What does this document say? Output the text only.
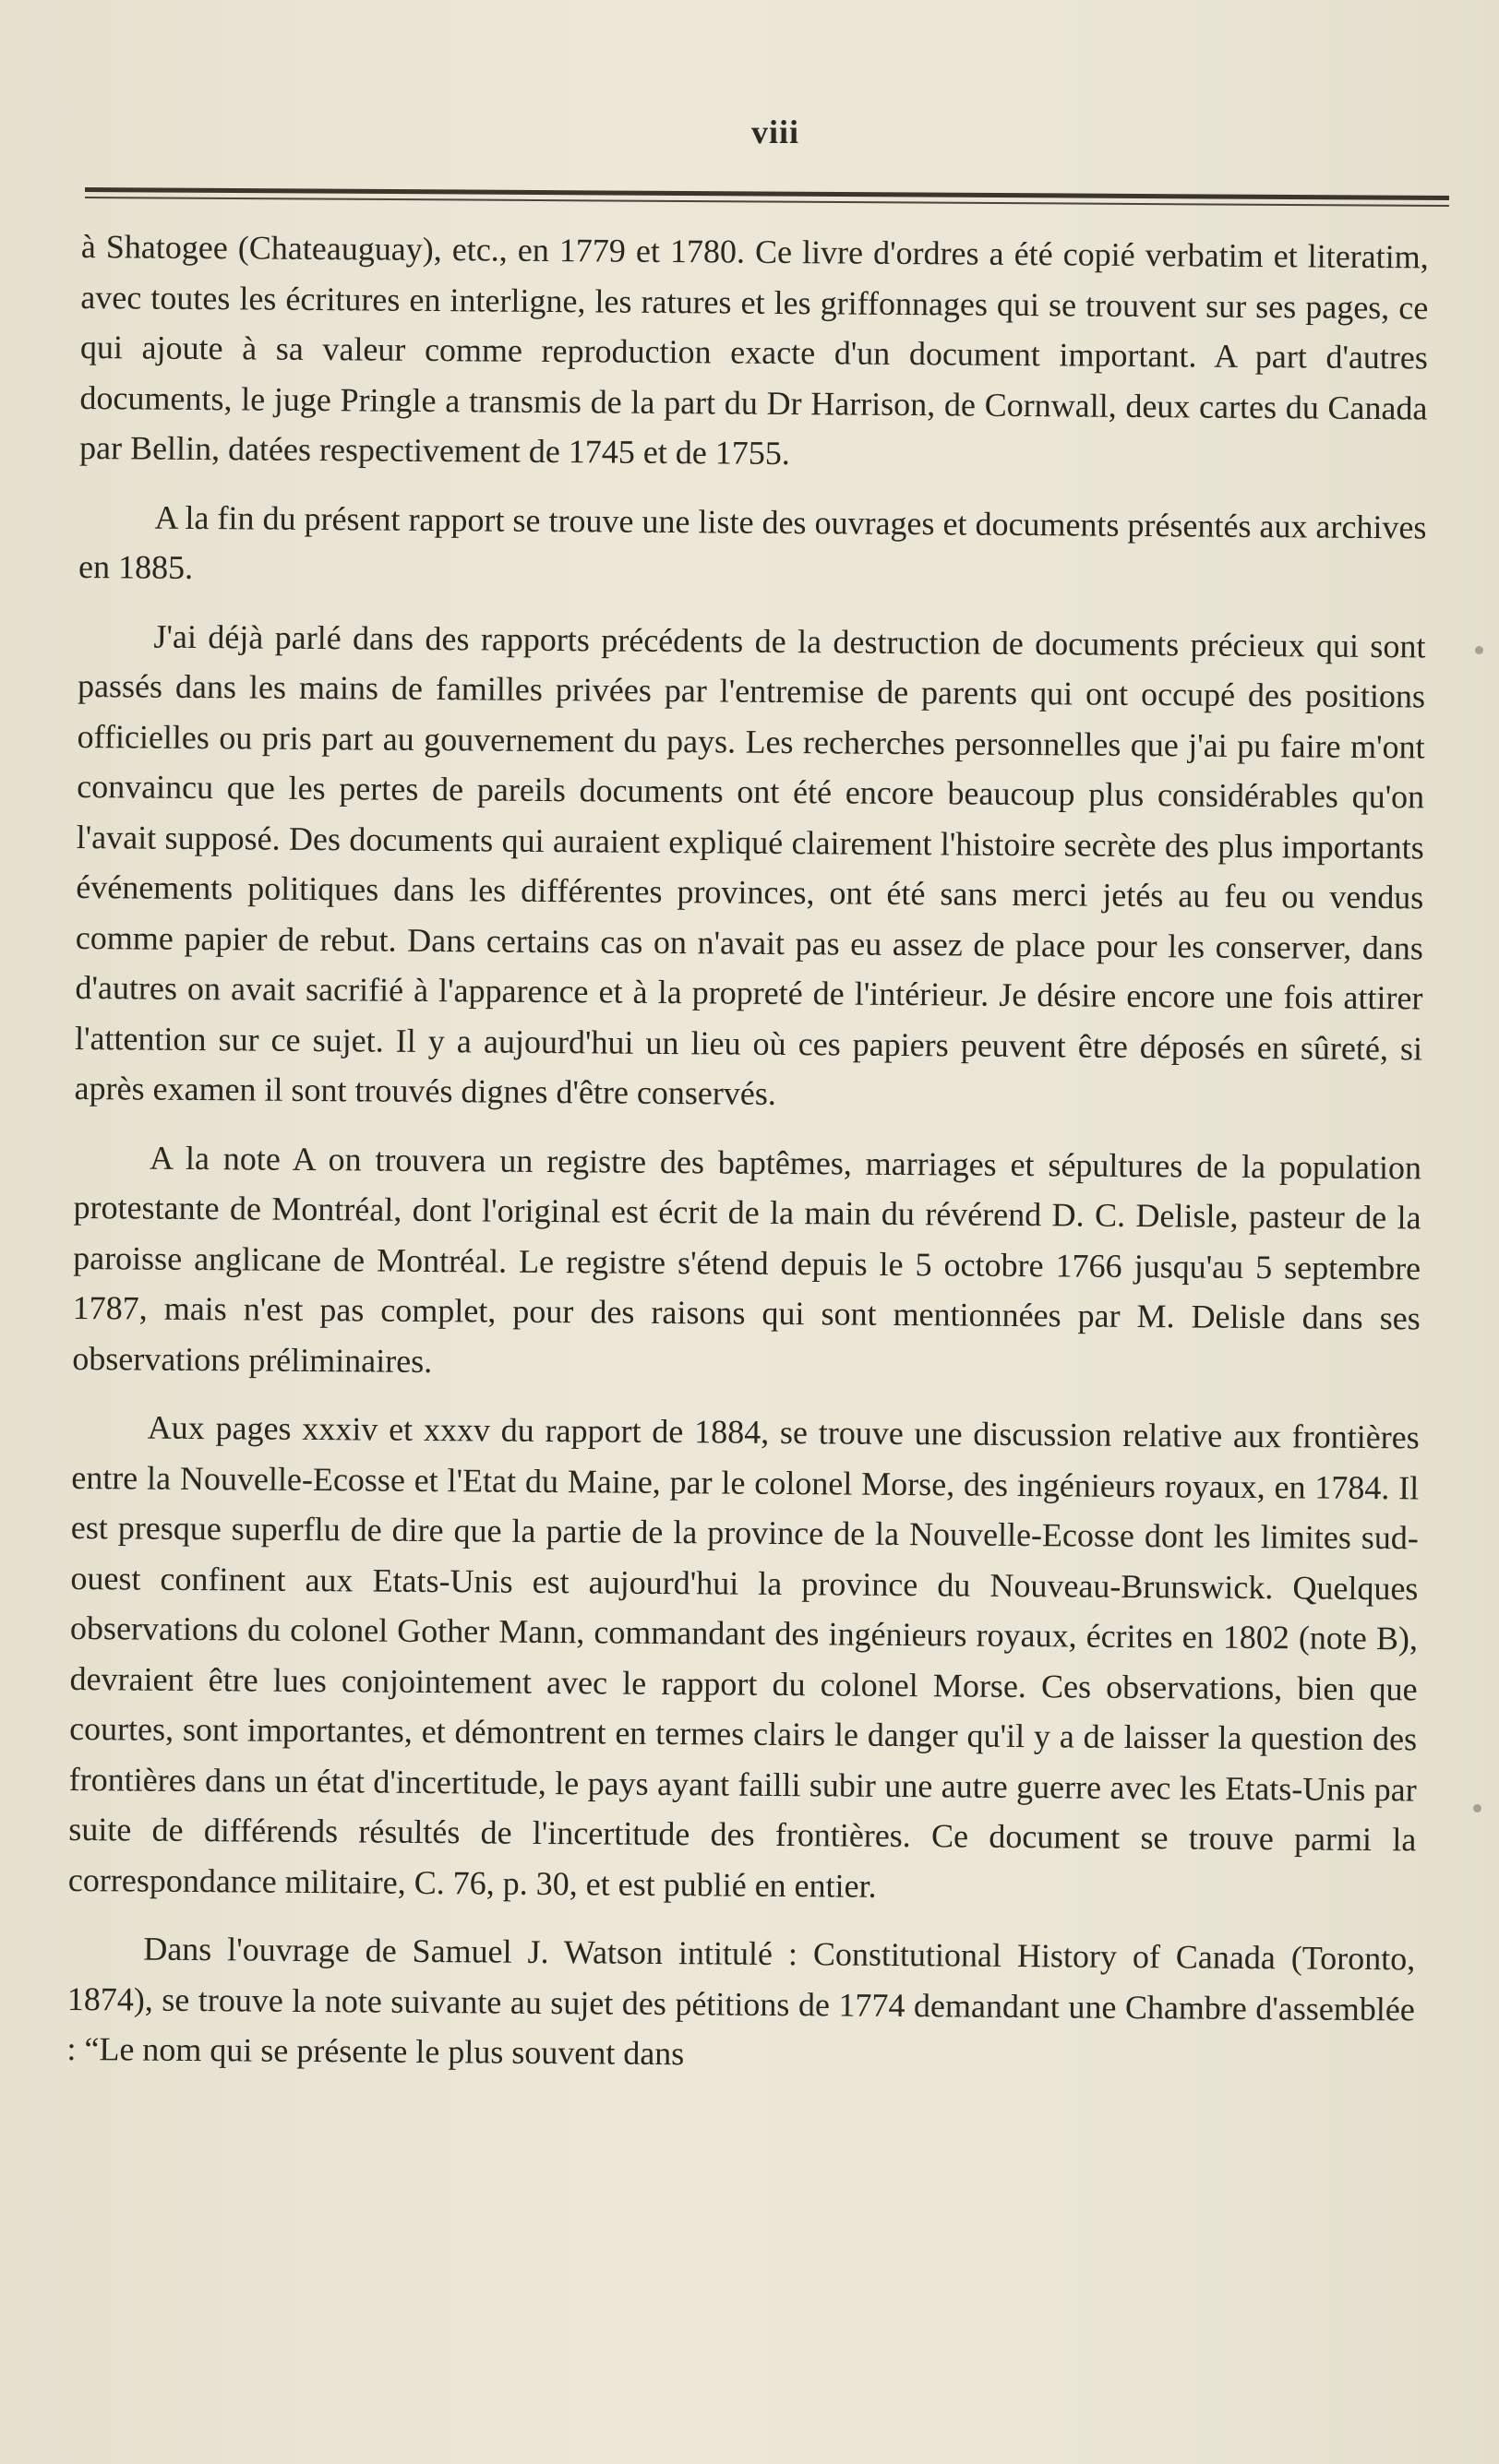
viii

à Shatogee (Chateauguay), etc., en 1779 et 1780. Ce livre d'ordres a été copié verbatim et literatim, avec toutes les écritures en interligne, les ratures et les griffonnages qui se trouvent sur ses pages, ce qui ajoute à sa valeur comme reproduction exacte d'un document important. A part d'autres documents, le juge Pringle a transmis de la part du Dr Harrison, de Cornwall, deux cartes du Canada par Bellin, datées respectivement de 1745 et de 1755.

A la fin du présent rapport se trouve une liste des ouvrages et documents présentés aux archives en 1885.

J'ai déjà parlé dans des rapports précédents de la destruction de documents précieux qui sont passés dans les mains de familles privées par l'entremise de parents qui ont occupé des positions officielles ou pris part au gouvernement du pays. Les recherches personnelles que j'ai pu faire m'ont convaincu que les pertes de pareils documents ont été encore beaucoup plus considérables qu'on l'avait supposé. Des documents qui auraient expliqué clairement l'histoire secrète des plus importants événements politiques dans les différentes provinces, ont été sans merci jetés au feu ou vendus comme papier de rebut. Dans certains cas on n'avait pas eu assez de place pour les conserver, dans d'autres on avait sacrifié à l'apparence et à la propreté de l'intérieur. Je désire encore une fois attirer l'attention sur ce sujet. Il y a aujourd'hui un lieu où ces papiers peuvent être déposés en sûreté, si après examen il sont trouvés dignes d'être conservés.

A la note A on trouvera un registre des baptêmes, marriages et sépultures de la population protestante de Montréal, dont l'original est écrit de la main du révérend D. C. Delisle, pasteur de la paroisse anglicane de Montréal. Le registre s'étend depuis le 5 octobre 1766 jusqu'au 5 septembre 1787, mais n'est pas complet, pour des raisons qui sont mentionnées par M. Delisle dans ses observations préliminaires.

Aux pages xxxiv et xxxv du rapport de 1884, se trouve une discussion relative aux frontières entre la Nouvelle-Ecosse et l'Etat du Maine, par le colonel Morse, des ingénieurs royaux, en 1784. Il est presque superflu de dire que la partie de la province de la Nouvelle-Ecosse dont les limites sud-ouest confinent aux Etats-Unis est aujourd'hui la province du Nouveau-Brunswick. Quelques observations du colonel Gother Mann, commandant des ingénieurs royaux, écrites en 1802 (note B), devraient être lues conjointement avec le rapport du colonel Morse. Ces observations, bien que courtes, sont importantes, et démontrent en termes clairs le danger qu'il y a de laisser la question des frontières dans un état d'incertitude, le pays ayant failli subir une autre guerre avec les Etats-Unis par suite de différends résultés de l'incertitude des frontières. Ce document se trouve parmi la correspondance militaire, C. 76, p. 30, et est publié en entier.

Dans l'ouvrage de Samuel J. Watson intitulé : Constitutional History of Canada (Toronto, 1874), se trouve la note suivante au sujet des pétitions de 1774 demandant une Chambre d'assemblée : “Le nom qui se présente le plus souvent dans
